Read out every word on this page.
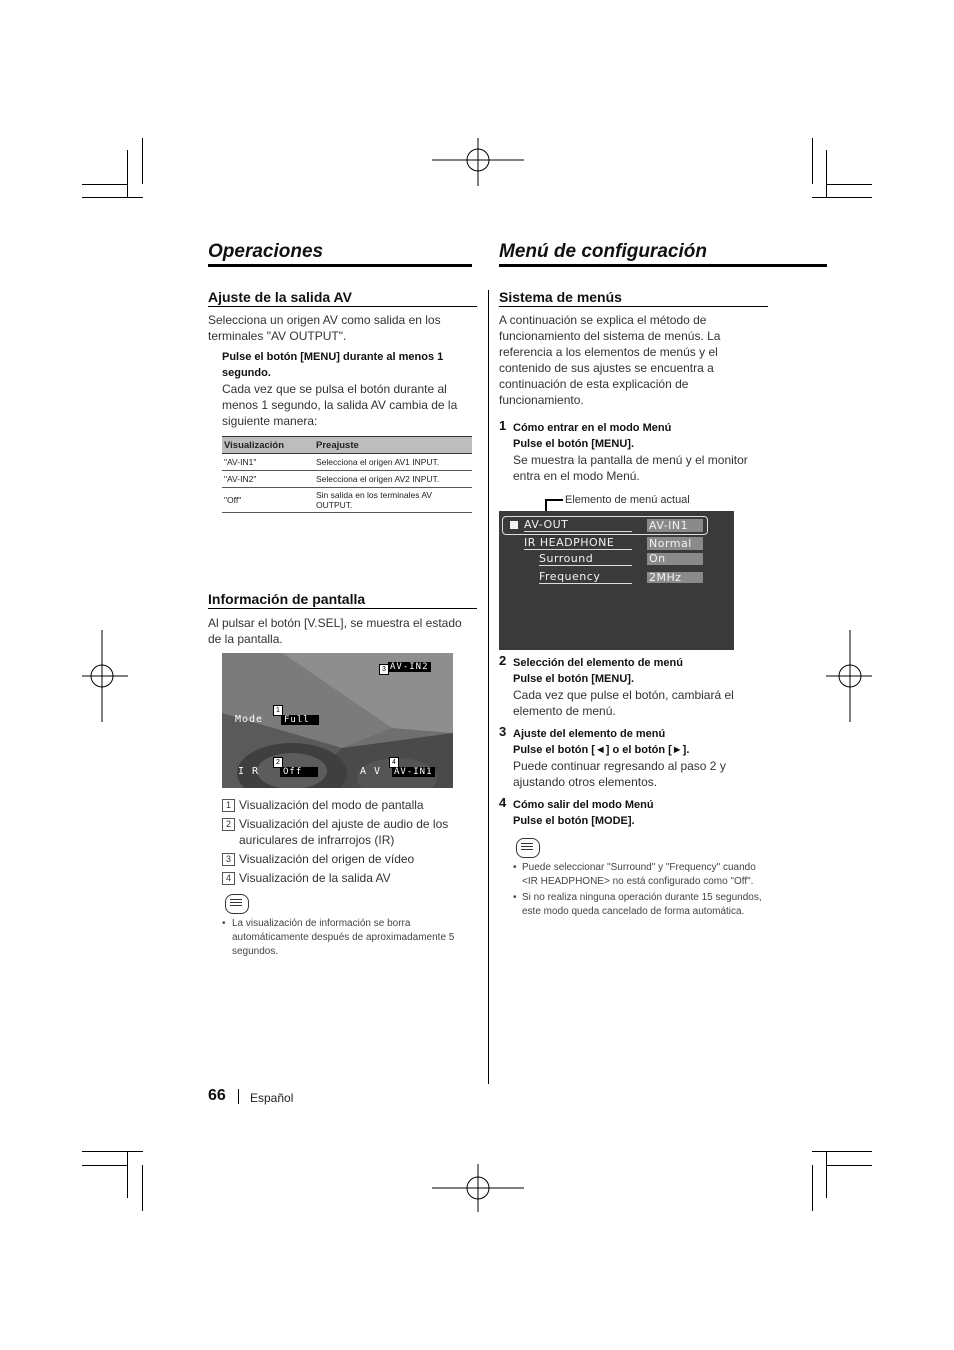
Operaciones
Ajuste de la salida AV
Selecciona un origen AV como salida en los terminales "AV OUTPUT".
Pulse el botón [MENU] durante al menos 1 segundo.
Cada vez que se pulsa el botón durante al menos 1 segundo, la salida AV cambia de la siguiente manera:
Visualización	Preajuste
"AV-IN1"	Selecciona el origen AV1 INPUT.
"AV-IN2"	Selecciona el origen AV2 INPUT.
"Off"	Sin salida en los terminales AV OUTPUT.
Información de pantalla
Al pulsar el botón [V.SEL], se muestra el estado de la pantalla.
3 AV-IN2
1
Mode	Full
2
I R	Off
4
A V AV-IN1
1 Visualización del modo de pantalla
2 Visualización del ajuste de audio de los auriculares de infrarrojos (IR)
3 Visualización del origen de vídeo
4 Visualización de la salida AV
• La visualización de información se borra automáticamente después de aproximadamente 5 segundos.
Menú de configuración
Sistema de menús
A continuación se explica el método de funcionamiento del sistema de menús. La referencia a los elementos de menús y el contenido de sus ajustes se encuentra a continuación de esta explicación de funcionamiento.
1 Cómo entrar en el modo Menú
Pulse el botón [MENU].
Se muestra la pantalla de menú y el monitor entra en el modo Menú.
Elemento de menú actual
AV-OUT	AV-IN1
IR HEADPHONE	Normal
Surround	On
Frequency	2MHz
2 Selección del elemento de menú
Pulse el botón [MENU].
Cada vez que pulse el botón, cambiará el elemento de menú.
3 Ajuste del elemento de menú
Pulse el botón [◄] o el botón [►].
Puede continuar regresando al paso 2 y ajustando otros elementos.
4 Cómo salir del modo Menú
Pulse el botón [MODE].
• Puede seleccionar "Surround" y "Frequency" cuando <IR HEADPHONE> no está configurado como "Off".
• Si no realiza ninguna operación durante 15 segundos, este modo queda cancelado de forma automática.
66 Español
